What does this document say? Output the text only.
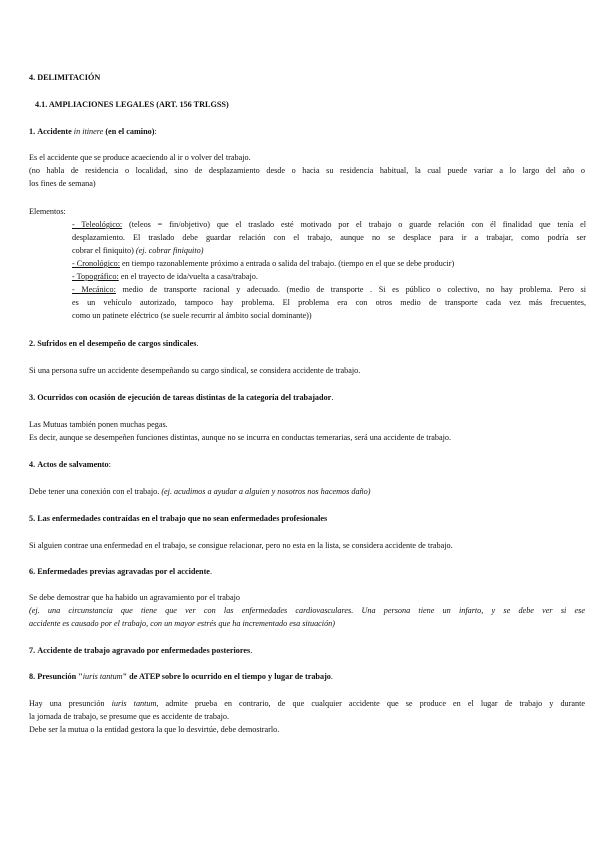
4. DELIMITACIÓN
4.1. AMPLIACIONES LEGALES (ART. 156 TRLGSS)
1. Accidente in itinere (en el camino):
Es el accidente que se produce acaeciendo al ir o volver del trabajo.
(no habla de residencia o localidad, sino de desplazamiento desde o hacia su residencia habitual, la cual puede variar a lo largo del año o
los fines de semana)
Elementos:
- Teleológico: (teleos = fin/objetivo) que el traslado esté motivado por el trabajo o guarde relación con él finalidad que tenía el
desplazamiento. El traslado debe guardar relación con el trabajo, aunque no se desplace para ir a trabajar, como podría ser
cobrar el finiquito) (ej. cobrar finiquito)
- Cronológico: en tiempo razonablemente próximo a entrada o salida del trabajo. (tiempo en el que se debe producir)
- Topográfico: en el trayecto de ida/vuelta a casa/trabajo.
- Mecánico: medio de transporte racional y adecuado. (medio de transporte . Si es público o colectivo, no hay problema. Pero si
es un vehículo autorizado, tampoco hay problema. El problema era con otros medio de transporte cada vez más frecuentes,
como un patinete eléctrico (se suele recurrir al ámbito social dominante))
2. Sufridos en el desempeño de cargos sindicales.
Si una persona sufre un accidente desempeñando su cargo sindical, se considera accidente de trabajo.
3. Ocurridos con ocasión de ejecución de tareas distintas de la categoría del trabajador.
Las Mutuas también ponen muchas pegas.
Es decir, aunque se desempeñen funciones distintas, aunque no se incurra en conductas temerarias, será una accidente de trabajo.
4. Actos de salvamento:
Debe tener una conexión con el trabajo. (ej. acudimos a ayudar a alguien y nosotros nos hacemos daño)
5. Las enfermedades contraídas en el trabajo que no sean enfermedades profesionales
Si alguien contrae una enfermedad en el trabajo, se consigue relacionar, pero no esta en la lista, se considera accidente de trabajo.
6. Enfermedades previas agravadas por el accidente.
Se debe demostrar que ha habido un agravamiento por el trabajo
(ej. una circunstancia que tiene que ver con las enfermedades cardiovasculares. Una persona tiene un infarto, y se debe ver si ese
accidente es causado por el trabajo, con un mayor estrés que ha incrementado esa situación)
7. Accidente de trabajo agravado por enfermedades posteriores.
8. Presunción "iuris tantum" de ATEP sobre lo ocurrido en el tiempo y lugar de trabajo.
Hay una presunción iuris tantum, admite prueba en contrario, de que cualquier accidente que se produce en el lugar de trabajo y durante
la jornada de trabajo, se presume que es accidente de trabajo.
Debe ser la mutua o la entidad gestora la que lo desvirtúe, debe demostrarlo.
